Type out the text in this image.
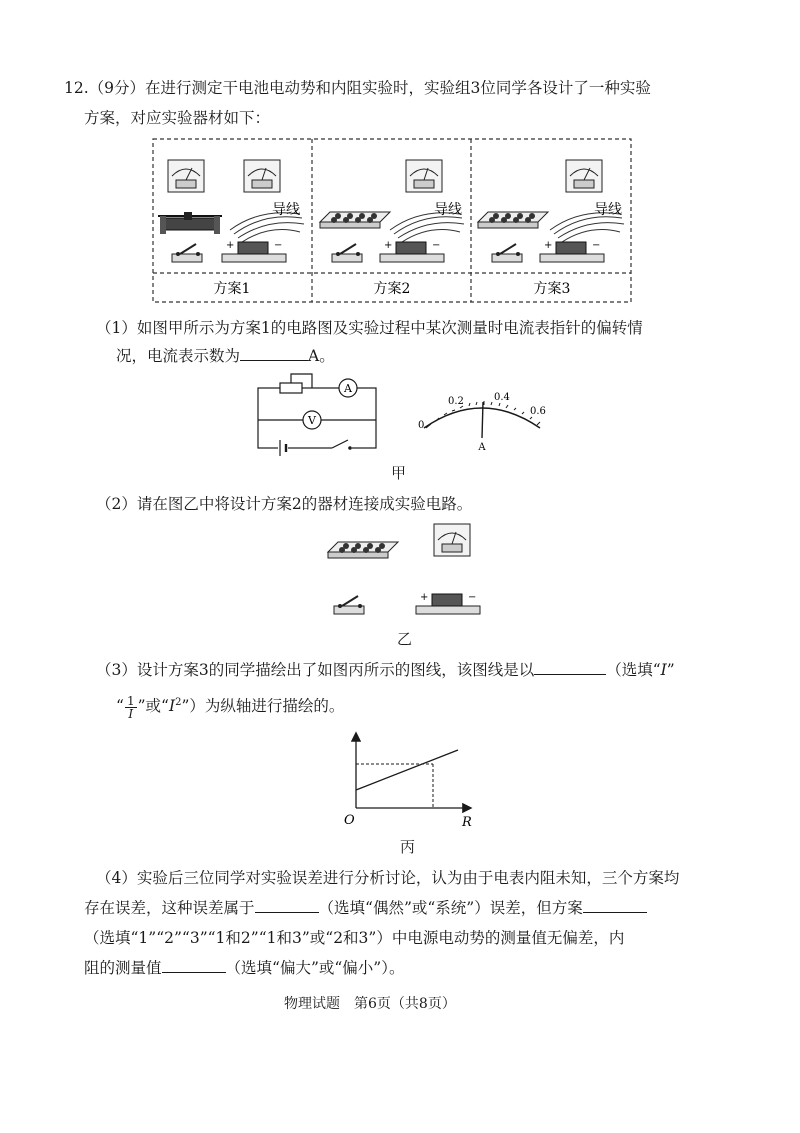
12.（9分）在进行测定干电池电动势和内阻实验时，实验组3位同学各设计了一种实验
方案，对应实验器材如下：
导线
+	−
方案1
导线
+	−
方案2
导线
+	−
方案3
（1）如图甲所示为方案1的电路图及实验过程中某次测量时电流表指针的偏转情
况，电流表示数为	A。
A
V	0
0.2	0.4
0.6
A
甲
（2）请在图乙中将设计方案2的器材连接成实验电路。
+	−
乙
（3）设计方案3的同学描绘出了如图丙所示的图线，该图线是以	（选填“I”
“ $\frac{1}{I}$ ”或“$I^2$”）为纵轴进行描绘的。
O	R
丙
（4）实验后三位同学对实验误差进行分析讨论，认为由于电表内阻未知，三个方案均
存在误差，这种误差属于	（选填“偶然”或“系统”）误差，但方案
（选填“1”“2”“3”“1和2”“1和3”或“2和3”）中电源电动势的测量值无偏差，内
阻的测量值	（选填“偏大”或“偏小”）。
物理试题　第6页（共8页）
